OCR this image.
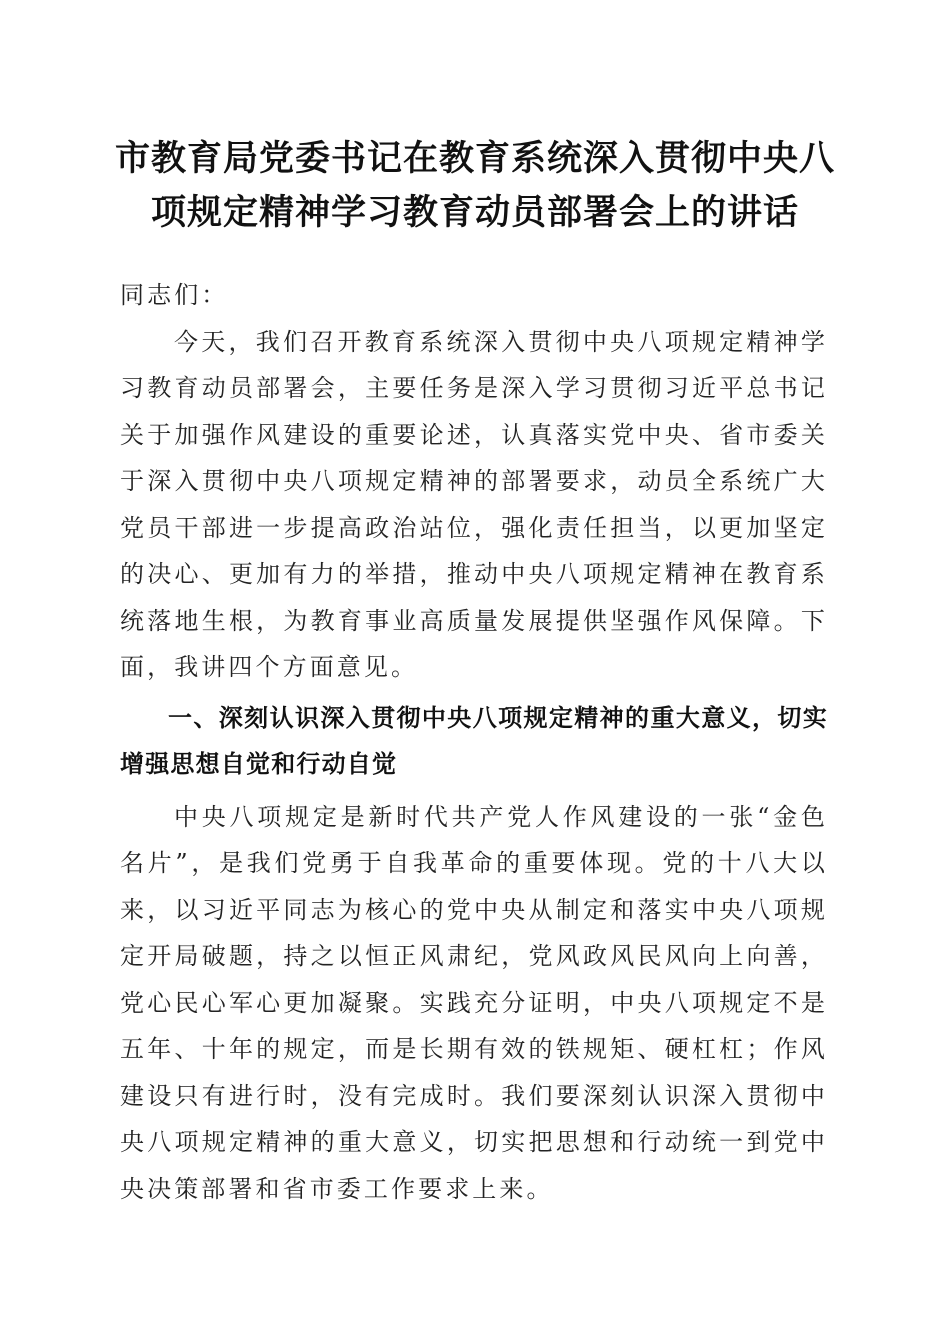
市教育局党委书记在教育系统深入贯彻中央八
项规定精神学习教育动员部署会上的讲话

同志们：

今天，我们召开教育系统深入贯彻中央八项规定精神学习教育动员部署会，主要任务是深入学习贯彻习近平总书记关于加强作风建设的重要论述，认真落实党中央、省市委关于深入贯彻中央八项规定精神的部署要求，动员全系统广大党员干部进一步提高政治站位，强化责任担当，以更加坚定的决心、更加有力的举措，推动中央八项规定精神在教育系统落地生根，为教育事业高质量发展提供坚强作风保障。下面，我讲四个方面意见。

一、深刻认识深入贯彻中央八项规定精神的重大意义，切实增强思想自觉和行动自觉

中央八项规定是新时代共产党人作风建设的一张“金色名片”，是我们党勇于自我革命的重要体现。党的十八大以来，以习近平同志为核心的党中央从制定和落实中央八项规定开局破题，持之以恒正风肃纪，党风政风民风向上向善，党心民心军心更加凝聚。实践充分证明，中央八项规定不是五年、十年的规定，而是长期有效的铁规矩、硬杠杠；作风建设只有进行时，没有完成时。我们要深刻认识深入贯彻中央八项规定精神的重大意义，切实把思想和行动统一到党中央决策部署和省市委工作要求上来。
